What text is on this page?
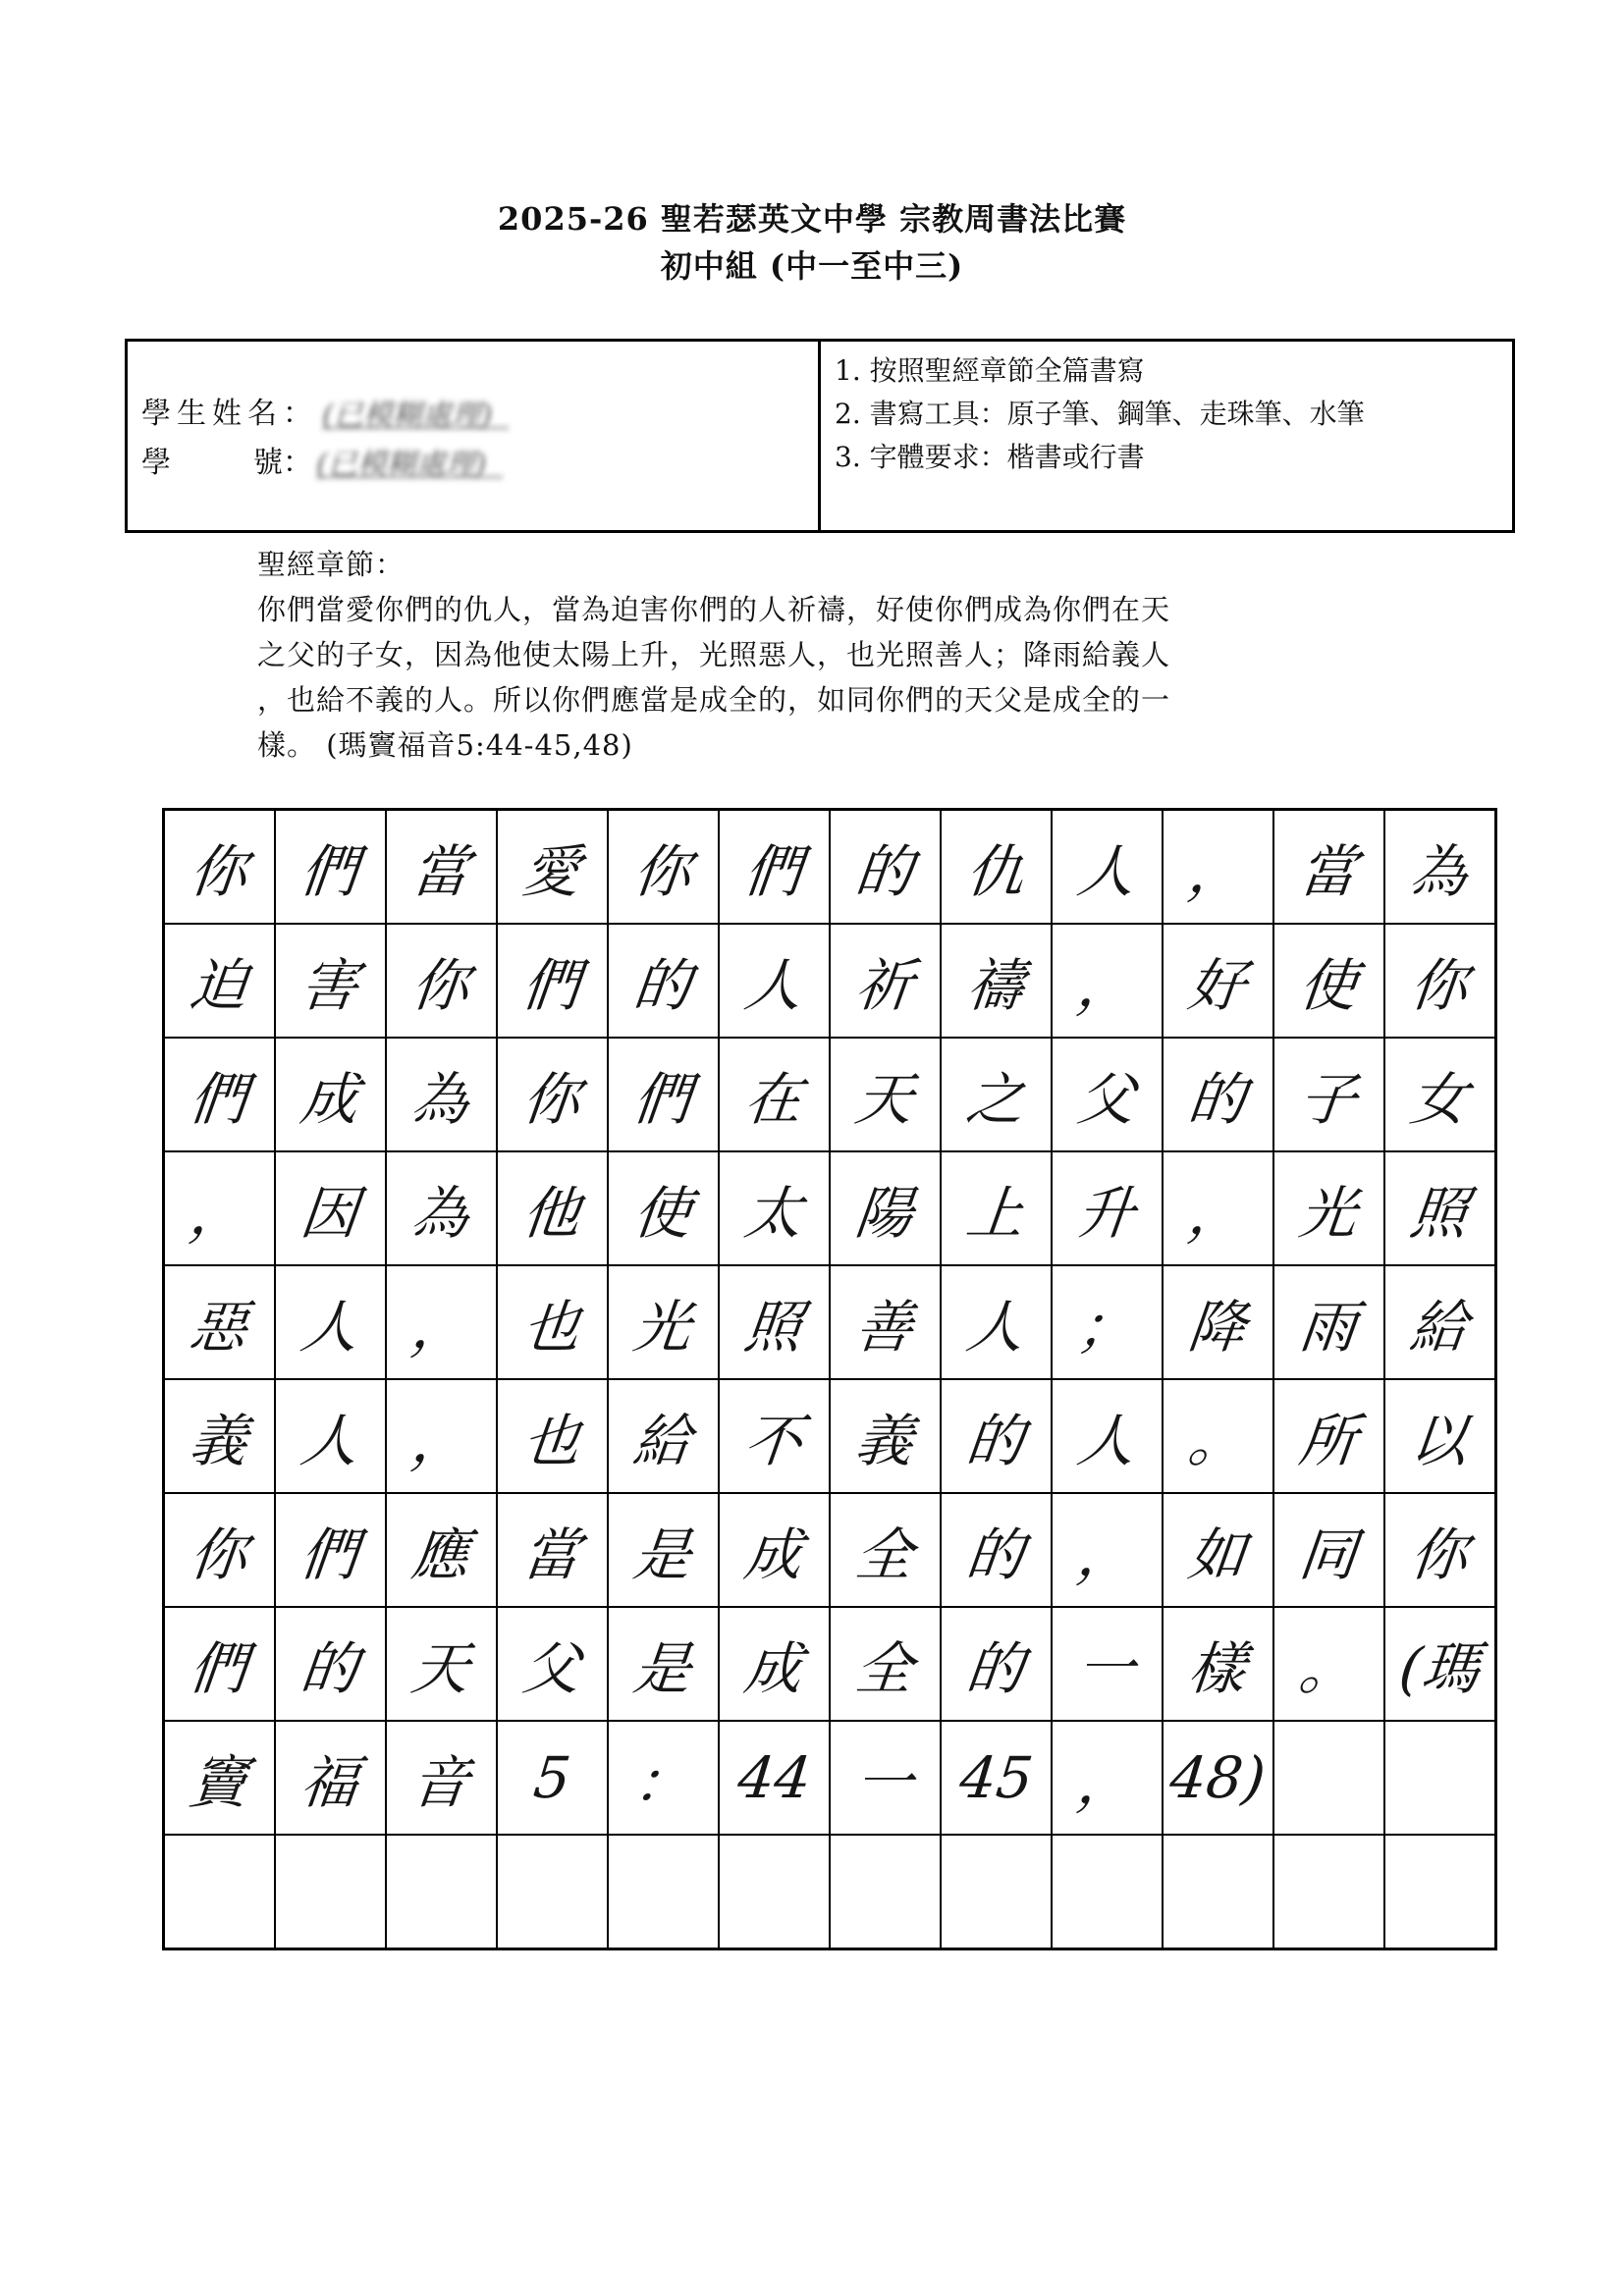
2025-26 聖若瑟英文中學 宗教周書法比賽
初中組 (中一至中三)
學生姓名： (已模糊處理)
學	號： (已模糊處理)
1. 按照聖經章節全篇書寫
2. 書寫工具：原子筆、鋼筆、走珠筆、水筆
3. 字體要求：楷書或行書
聖經章節：
你們當愛你們的仇人，當為迫害你們的人祈禱，好使你們成為你們在天
之父的子女，因為他使太陽上升，光照惡人，也光照善人；降雨給義人
，也給不義的人。所以你們應當是成全的，如同你們的天父是成全的一
樣。 (瑪竇福音5:44-45,48)
你	們	當	愛	你	們	的	仇	人	，	當	為
迫	害	你	們	的	人	祈	禱	，	好	使	你
們	成	為	你	們	在	天	之	父	的	子	女
，	因	為	他	使	太	陽	上	升	，	光	照
惡	人	，	也	光	照	善	人	；	降	雨	給
義	人	，	也	給	不	義	的	人	。	所	以
你	們	應	當	是	成	全	的	，	如	同	你
們	的	天	父	是	成	全	的	一	樣	。	(瑪
竇	福	音	5	：	44	一	45	，	48)		
